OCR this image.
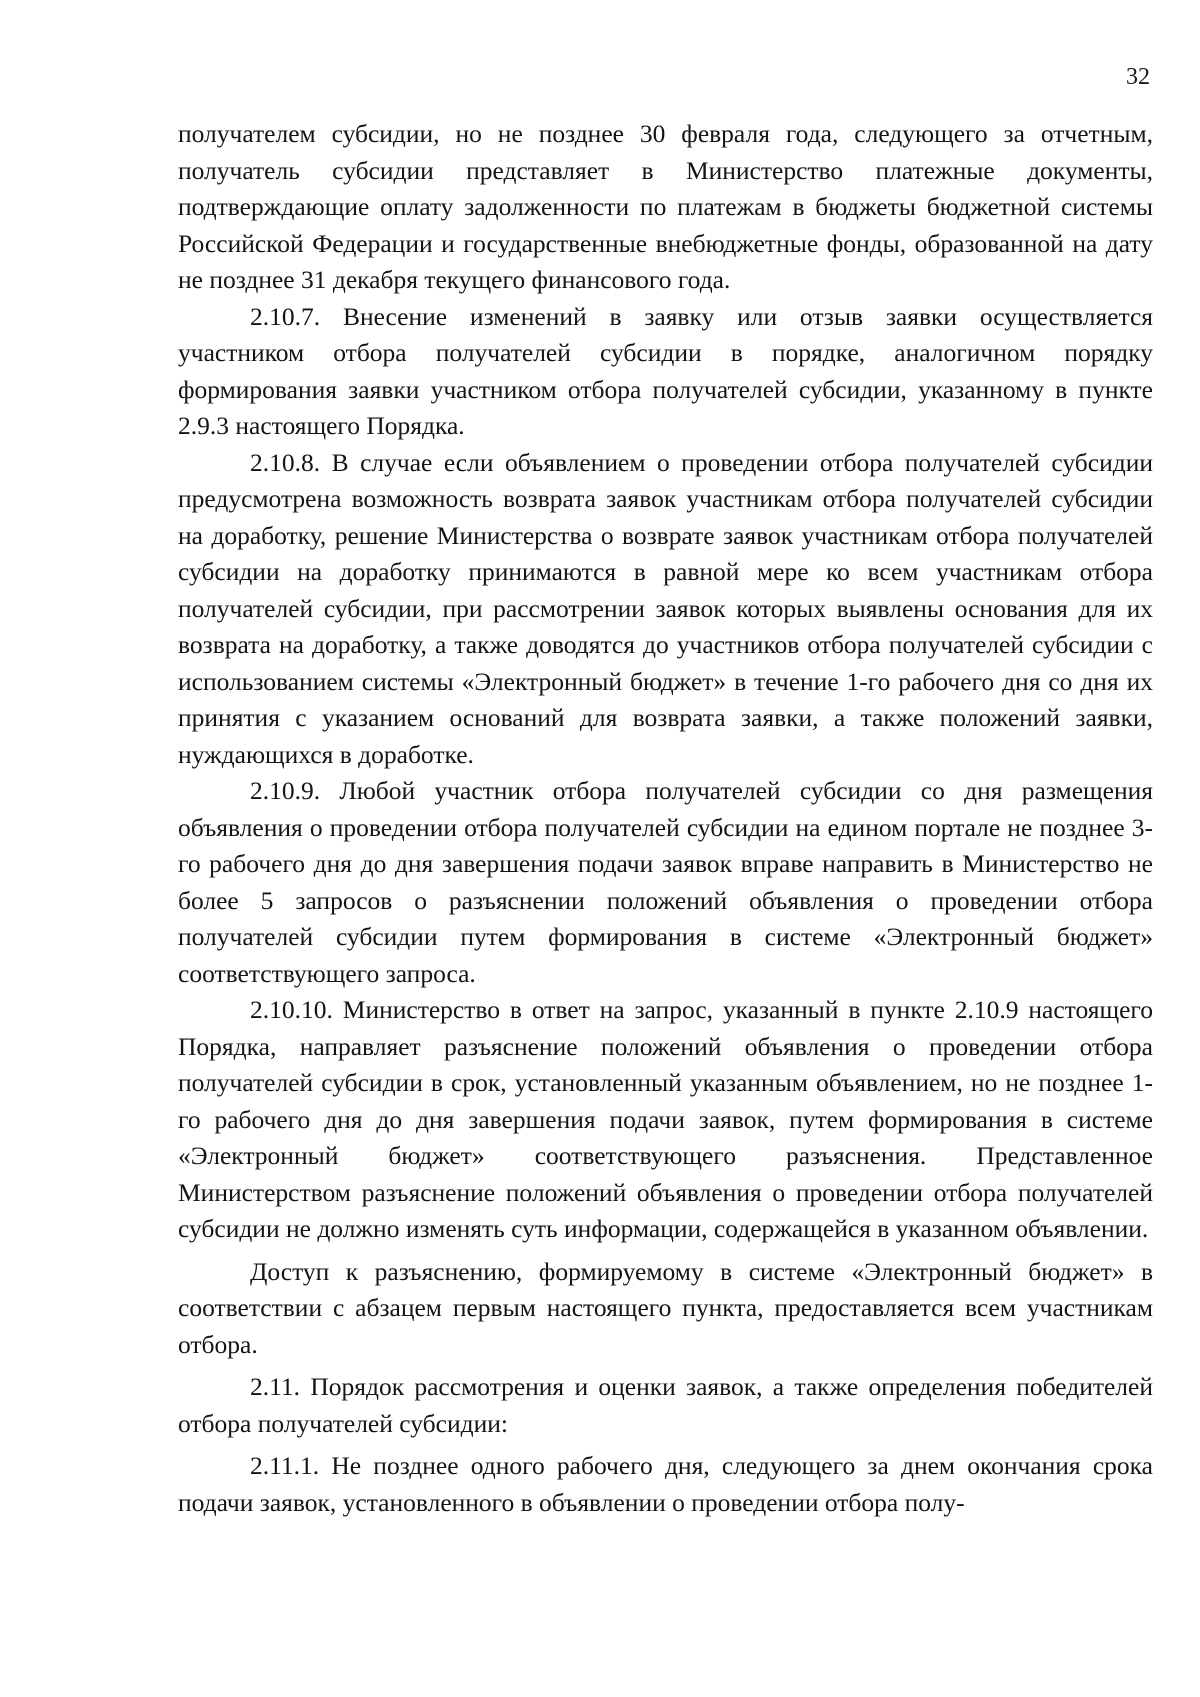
32

получателем субсидии, но не позднее 30 февраля года, следующего за отчетным, получатель субсидии представляет в Министерство платежные документы, подтверждающие оплату задолженности по платежам в бюджеты бюджетной системы Российской Федерации и государственные внебюджетные фонды, образованной на дату не позднее 31 декабря текущего финансового года.

2.10.7. Внесение изменений в заявку или отзыв заявки осуществляется участником отбора получателей субсидии в порядке, аналогичном порядку формирования заявки участником отбора получателей субсидии, указанному в пункте 2.9.3 настоящего Порядка.

2.10.8. В случае если объявлением о проведении отбора получателей субсидии предусмотрена возможность возврата заявок участникам отбора получателей субсидии на доработку, решение Министерства о возврате заявок участникам отбора получателей субсидии на доработку принимаются в равной мере ко всем участникам отбора получателей субсидии, при рассмотрении заявок которых выявлены основания для их возврата на доработку, а также доводятся до участников отбора получателей субсидии с использованием системы «Электронный бюджет» в течение 1-го рабочего дня со дня их принятия с указанием оснований для возврата заявки, а также положений заявки, нуждающихся в доработке.

2.10.9. Любой участник отбора получателей субсидии со дня размещения объявления о проведении отбора получателей субсидии на едином портале не позднее 3-го рабочего дня до дня завершения подачи заявок вправе направить в Министерство не более 5 запросов о разъяснении положений объявления о проведении отбора получателей субсидии путем формирования в системе «Электронный бюджет» соответствующего запроса.

2.10.10. Министерство в ответ на запрос, указанный в пункте 2.10.9 настоящего Порядка, направляет разъяснение положений объявления о проведении отбора получателей субсидии в срок, установленный указанным объявлением, но не позднее 1-го рабочего дня до дня завершения подачи заявок, путем формирования в системе «Электронный бюджет» соответствующего разъяснения. Представленное Министерством разъяснение положений объявления о проведении отбора получателей субсидии не должно изменять суть информации, содержащейся в указанном объявлении.

Доступ к разъяснению, формируемому в системе «Электронный бюджет» в соответствии с абзацем первым настоящего пункта, предоставляется всем участникам отбора.

2.11. Порядок рассмотрения и оценки заявок, а также определения победителей отбора получателей субсидии:

2.11.1. Не позднее одного рабочего дня, следующего за днем окончания срока подачи заявок, установленного в объявлении о проведении отбора полу-
